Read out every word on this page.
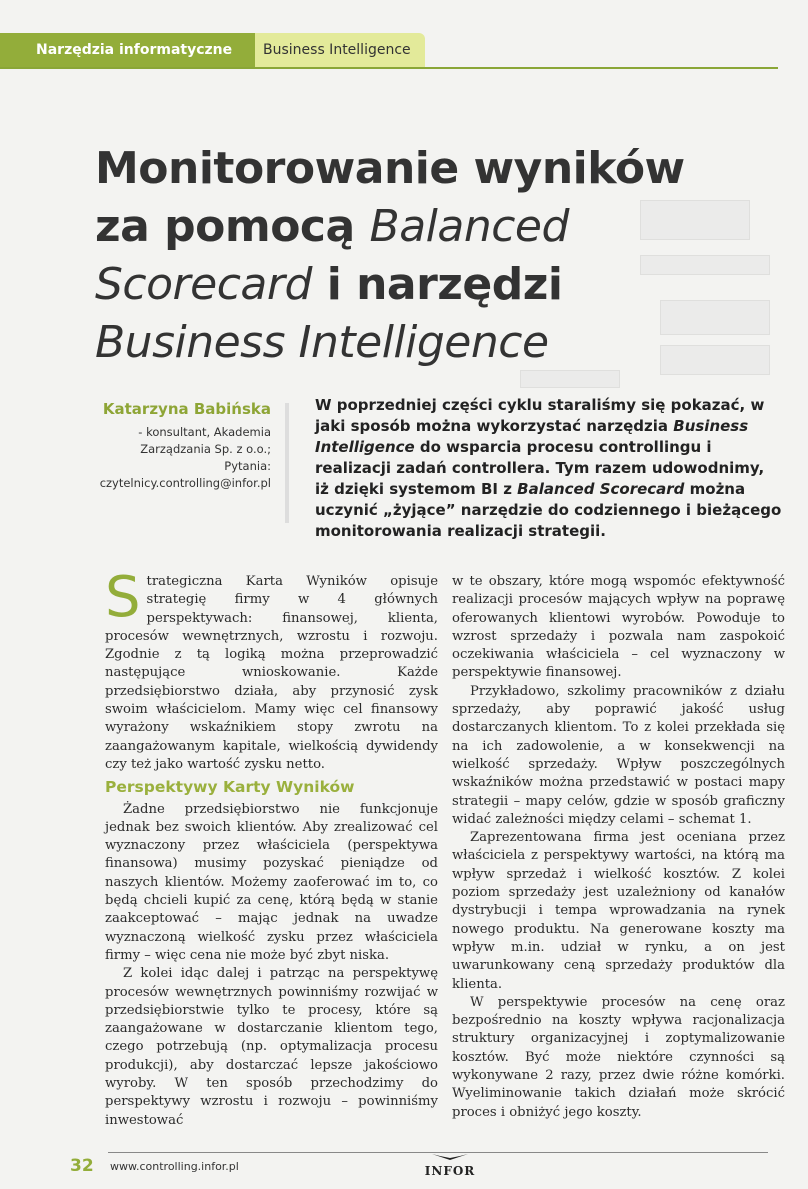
Narzędzia informatyczne	Business Intelligence
Monitorowanie wyników
za pomocą Balanced
Scorecard i narzędzi
Business Intelligence
Katarzyna Babińska
- konsultant, Akademia
Zarządzania Sp. z o.o.;
Pytania:
czytelnicy.controlling@infor.pl

W poprzedniej części cyklu staraliśmy się pokazać, w jaki sposób można wykorzystać narzędzia Business Intelligence do wsparcia procesu controllingu i realizacji zadań controllera. Tym razem udowodnimy, iż dzięki systemom BI z Balanced Scorecard można uczynić „żyjące” narzędzie do codziennego i bieżącego monitorowania realizacji strategii.

Strategiczna Karta Wyników opisuje strategię firmy w 4 głównych perspektywach: finansowej, klienta, procesów wewnętrznych, wzrostu i rozwoju. Zgodnie z tą logiką można przeprowadzić następujące wnioskowanie. Każde przedsiębiorstwo działa, aby przynosić zysk swoim właścicielom. Mamy więc cel finansowy wyrażony wskaźnikiem stopy zwrotu na zaangażowanym kapitale, wielkością dywidendy czy też jako wartość zysku netto.

Perspektywy Karty Wyników

Żadne przedsiębiorstwo nie funkcjonuje jednak bez swoich klientów. Aby zrealizować cel wyznaczony przez właściciela (perspektywa finansowa) musimy pozyskać pieniądze od naszych klientów. Możemy zaoferować im to, co będą chcieli kupić za cenę, którą będą w stanie zaakceptować – mając jednak na uwadze wyznaczoną wielkość zysku przez właściciela firmy – więc cena nie może być zbyt niska.

Z kolei idąc dalej i patrząc na perspektywę procesów wewnętrznych powinniśmy rozwijać w przedsiębiorstwie tylko te procesy, które są zaangażowane w dostarczanie klientom tego, czego potrzebują (np. optymalizacja procesu produkcji), aby dostarczać lepsze jakościowo wyroby. W ten sposób przechodzimy do perspektywy wzrostu i rozwoju – powinniśmy inwestować

w te obszary, które mogą wspomóc efektywność realizacji procesów mających wpływ na poprawę oferowanych klientowi wyrobów. Powoduje to wzrost sprzedaży i pozwala nam zaspokoić oczekiwania właściciela – cel wyznaczony w perspektywie finansowej.

Przykładowo, szkolimy pracowników z działu sprzedaży, aby poprawić jakość usług dostarczanych klientom. To z kolei przekłada się na ich zadowolenie, a w konsekwencji na wielkość sprzedaży. Wpływ poszczególnych wskaźników można przedstawić w postaci mapy strategii – mapy celów, gdzie w sposób graficzny widać zależności między celami – schemat 1.

Zaprezentowana firma jest oceniana przez właściciela z perspektywy wartości, na którą ma wpływ sprzedaż i wielkość kosztów. Z kolei poziom sprzedaży jest uzależniony od kanałów dystrybucji i tempa wprowadzania na rynek nowego produktu. Na generowane koszty ma wpływ m.in. udział w rynku, a on jest uwarunkowany ceną sprzedaży produktów dla klienta.

W perspektywie procesów na cenę oraz bezpośrednio na koszty wpływa racjonalizacja struktury organizacyjnej i zoptymalizowanie kosztów. Być może niektóre czynności są wykonywane 2 razy, przez dwie różne komórki. Wyeliminowanie takich działań może skrócić proces i obniżyć jego koszty.

32 www.controlling.infor.pl	INFOR
